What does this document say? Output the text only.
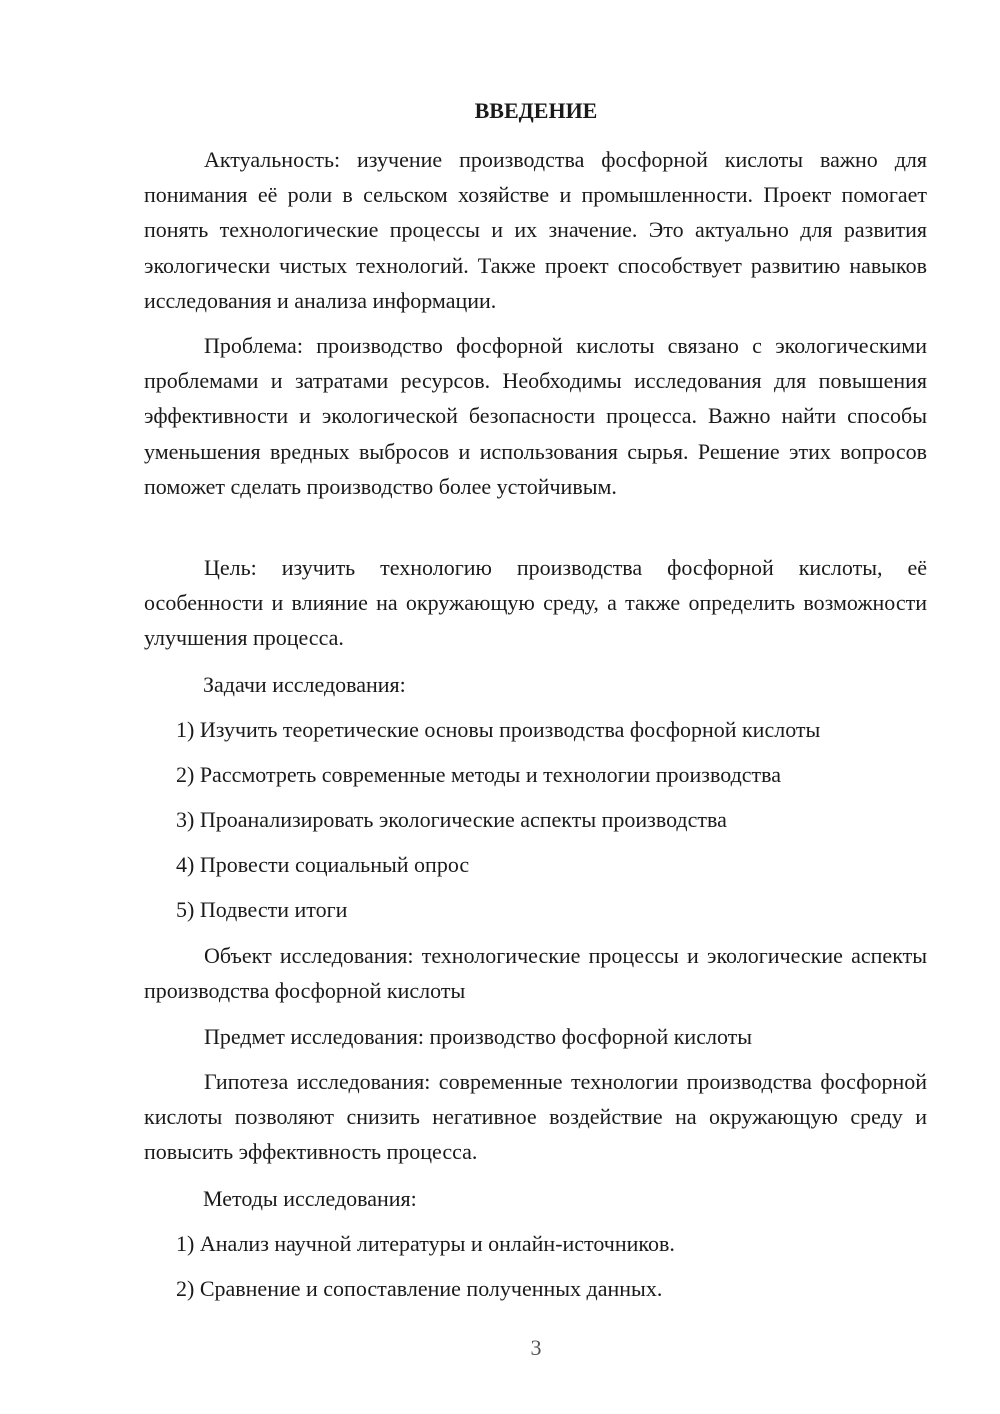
ВВЕДЕНИЕ

Актуальность: изучение производства фосфорной кислоты важно для понимания её роли в сельском хозяйстве и промышленности. Проект помогает понять технологические процессы и их значение. Это актуально для развития экологически чистых технологий. Также проект способствует развитию навыков исследования и анализа информации.

Проблема: производство фосфорной кислоты связано с экологическими проблемами и затратами ресурсов. Необходимы исследования для повышения эффективности и экологической безопасности процесса. Важно найти способы уменьшения вредных выбросов и использования сырья. Решение этих вопросов поможет сделать производство более устойчивым.

Цель: изучить технологию производства фосфорной кислоты, её особенности и влияние на окружающую среду, а также определить возможности улучшения процесса.

Задачи исследования:
1) Изучить теоретические основы производства фосфорной кислоты
2) Рассмотреть современные методы и технологии производства
3) Проанализировать экологические аспекты производства
4) Провести социальный опрос
5) Подвести итоги

Объект исследования: технологические процессы и экологические аспекты производства фосфорной кислоты

Предмет исследования: производство фосфорной кислоты

Гипотеза исследования: современные технологии производства фосфорной кислоты позволяют снизить негативное воздействие на окружающую среду и повысить эффективность процесса.

Методы исследования:
1) Анализ научной литературы и онлайн-источников.
2) Сравнение и сопоставление полученных данных.
3
